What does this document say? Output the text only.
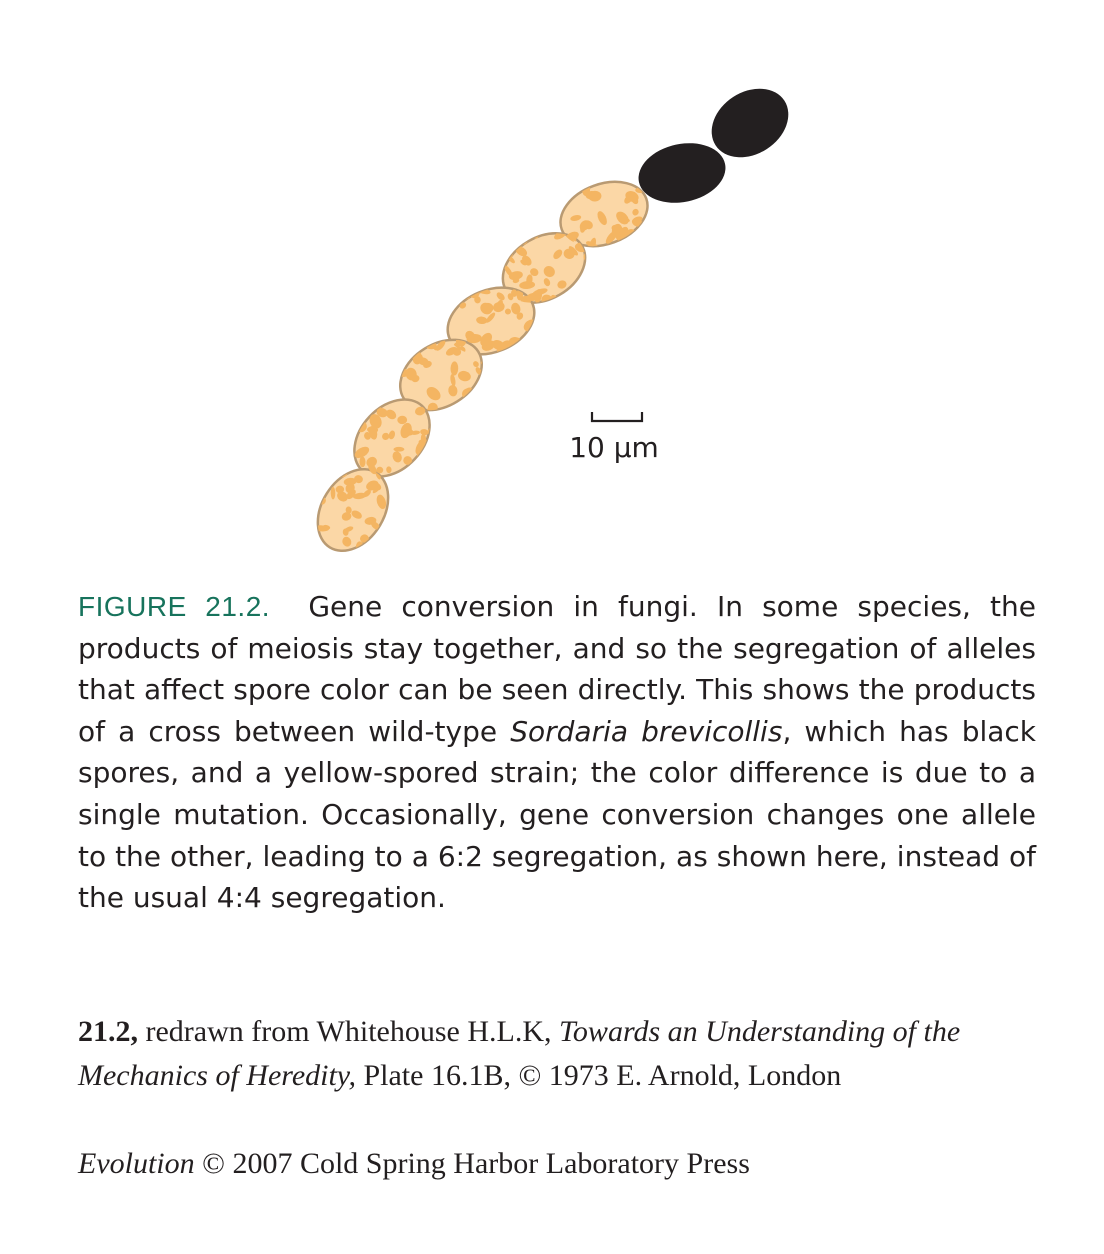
10 μm

FIGURE 21.2. Gene conversion in fungi. In some species, the products of meiosis stay together, and so the segregation of alleles that affect spore color can be seen directly. This shows the products of a cross between wild-type Sordaria brevicollis, which has black spores, and a yellow-spored strain; the color difference is due to a single mutation. Occasionally, gene conversion changes one allele to the other, leading to a 6:2 segregation, as shown here, instead of the usual 4:4 segregation.

21.2, redrawn from Whitehouse H.L.K, Towards an Understanding of the Mechanics of Heredity, Plate 16.1B, © 1973 E. Arnold, London

Evolution © 2007 Cold Spring Harbor Laboratory Press
